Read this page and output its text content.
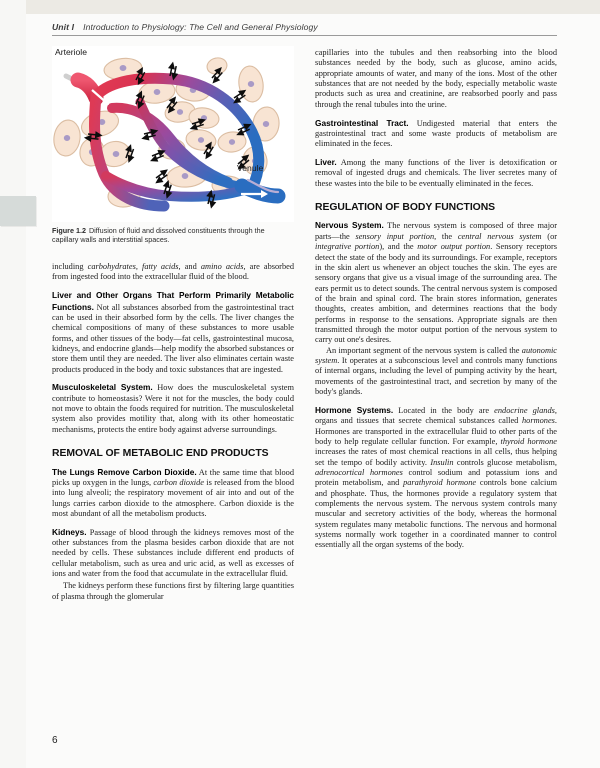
Unit I Introduction to Physiology: The Cell and General Physiology
Arteriole
Venule
Figure 1.2 Diffusion of fluid and dissolved constituents through the capillary walls and interstitial spaces.

including carbohydrates, fatty acids, and amino acids, are absorbed from ingested food into the extracellular fluid of the blood.

Liver and Other Organs That Perform Primarily Metabolic Functions. Not all substances absorbed from the gastrointestinal tract can be used in their absorbed form by the cells. The liver changes the chemical compositions of many of these substances to more usable forms, and other tissues of the body—fat cells, gastrointestinal mucosa, kidneys, and endocrine glands—help modify the absorbed substances or store them until they are needed. The liver also eliminates certain waste products produced in the body and toxic substances that are ingested.

Musculoskeletal System. How does the musculoskeletal system contribute to homeostasis? Were it not for the muscles, the body could not move to obtain the foods required for nutrition. The musculoskeletal system also provides motility that, along with its other homeostatic mechanisms, protects the entire body against adverse surroundings.

REMOVAL OF METABOLIC END PRODUCTS

The Lungs Remove Carbon Dioxide. At the same time that blood picks up oxygen in the lungs, carbon dioxide is released from the blood into lung alveoli; the respiratory movement of air into and out of the lungs carries carbon dioxide to the atmosphere. Carbon dioxide is the most abundant of all the metabolism products.

Kidneys. Passage of blood through the kidneys removes most of the other substances from the plasma besides carbon dioxide that are not needed by cells. These substances include different end products of cellular metabolism, such as urea and uric acid, as well as excesses of ions and water from the food that accumulate in the extracellular fluid.

The kidneys perform these functions first by filtering large quantities of plasma through the glomerular

capillaries into the tubules and then reabsorbing into the blood substances needed by the body, such as glucose, amino acids, appropriate amounts of water, and many of the ions. Most of the other substances that are not needed by the body, especially metabolic waste products such as urea and creatinine, are reabsorbed poorly and pass through the renal tubules into the urine.

Gastrointestinal Tract. Undigested material that enters the gastrointestinal tract and some waste products of metabolism are eliminated in the feces.

Liver. Among the many functions of the liver is detoxification or removal of ingested drugs and chemicals. The liver secretes many of these wastes into the bile to be eventually eliminated in the feces.

REGULATION OF BODY FUNCTIONS

Nervous System. The nervous system is composed of three major parts—the sensory input portion, the central nervous system (or integrative portion), and the motor output portion. Sensory receptors detect the state of the body and its surroundings. For example, receptors in the skin alert us whenever an object touches the skin. The eyes are sensory organs that give us a visual image of the surrounding area. The ears permit us to detect sounds. The central nervous system is composed of the brain and spinal cord. The brain stores information, generates thoughts, creates ambition, and determines reactions that the body performs in response to the sensations. Appropriate signals are then transmitted through the motor output portion of the nervous system to carry out one's desires.

An important segment of the nervous system is called the autonomic system. It operates at a subconscious level and controls many functions of internal organs, including the level of pumping activity by the heart, movements of the gastrointestinal tract, and secretion by many of the body's glands.

Hormone Systems. Located in the body are endocrine glands, organs and tissues that secrete chemical substances called hormones. Hormones are transported in the extracellular fluid to other parts of the body to help regulate cellular function. For example, thyroid hormone increases the rates of most chemical reactions in all cells, thus helping set the tempo of bodily activity. Insulin controls glucose metabolism, adrenocortical hormones control sodium and potassium ions and protein metabolism, and parathyroid hormone controls bone calcium and phosphate. Thus, the hormones provide a regulatory system that complements the nervous system. The nervous system controls many muscular and secretory activities of the body, whereas the hormonal system regulates many metabolic functions. The nervous and hormonal systems normally work together in a coordinated manner to control essentially all the organ systems of the body.

6
